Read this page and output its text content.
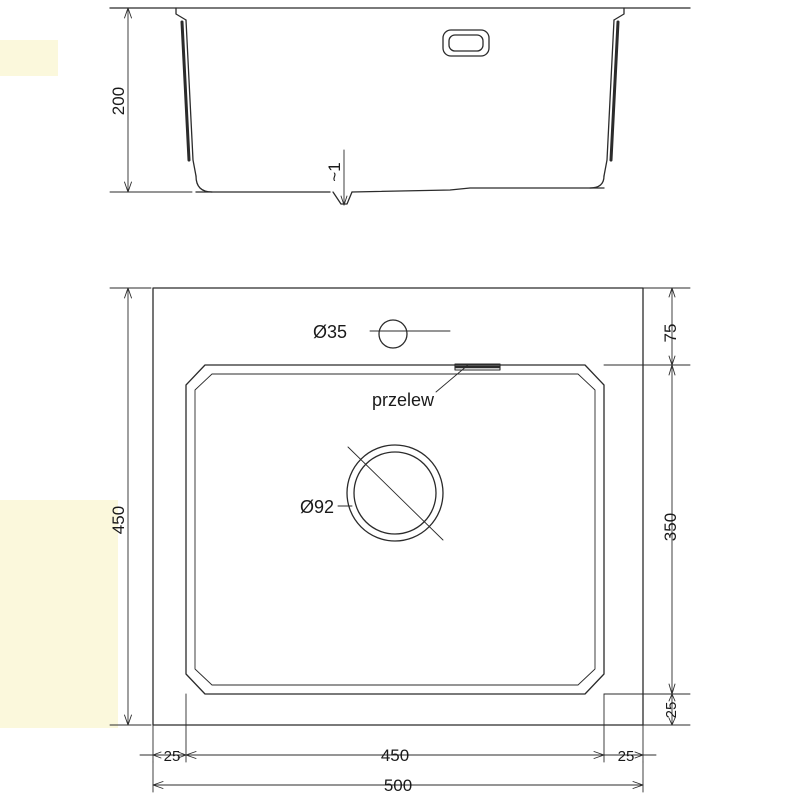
200
~1
450
500
450
25	25
75
350
25
Ø35
przelew
Ø92
